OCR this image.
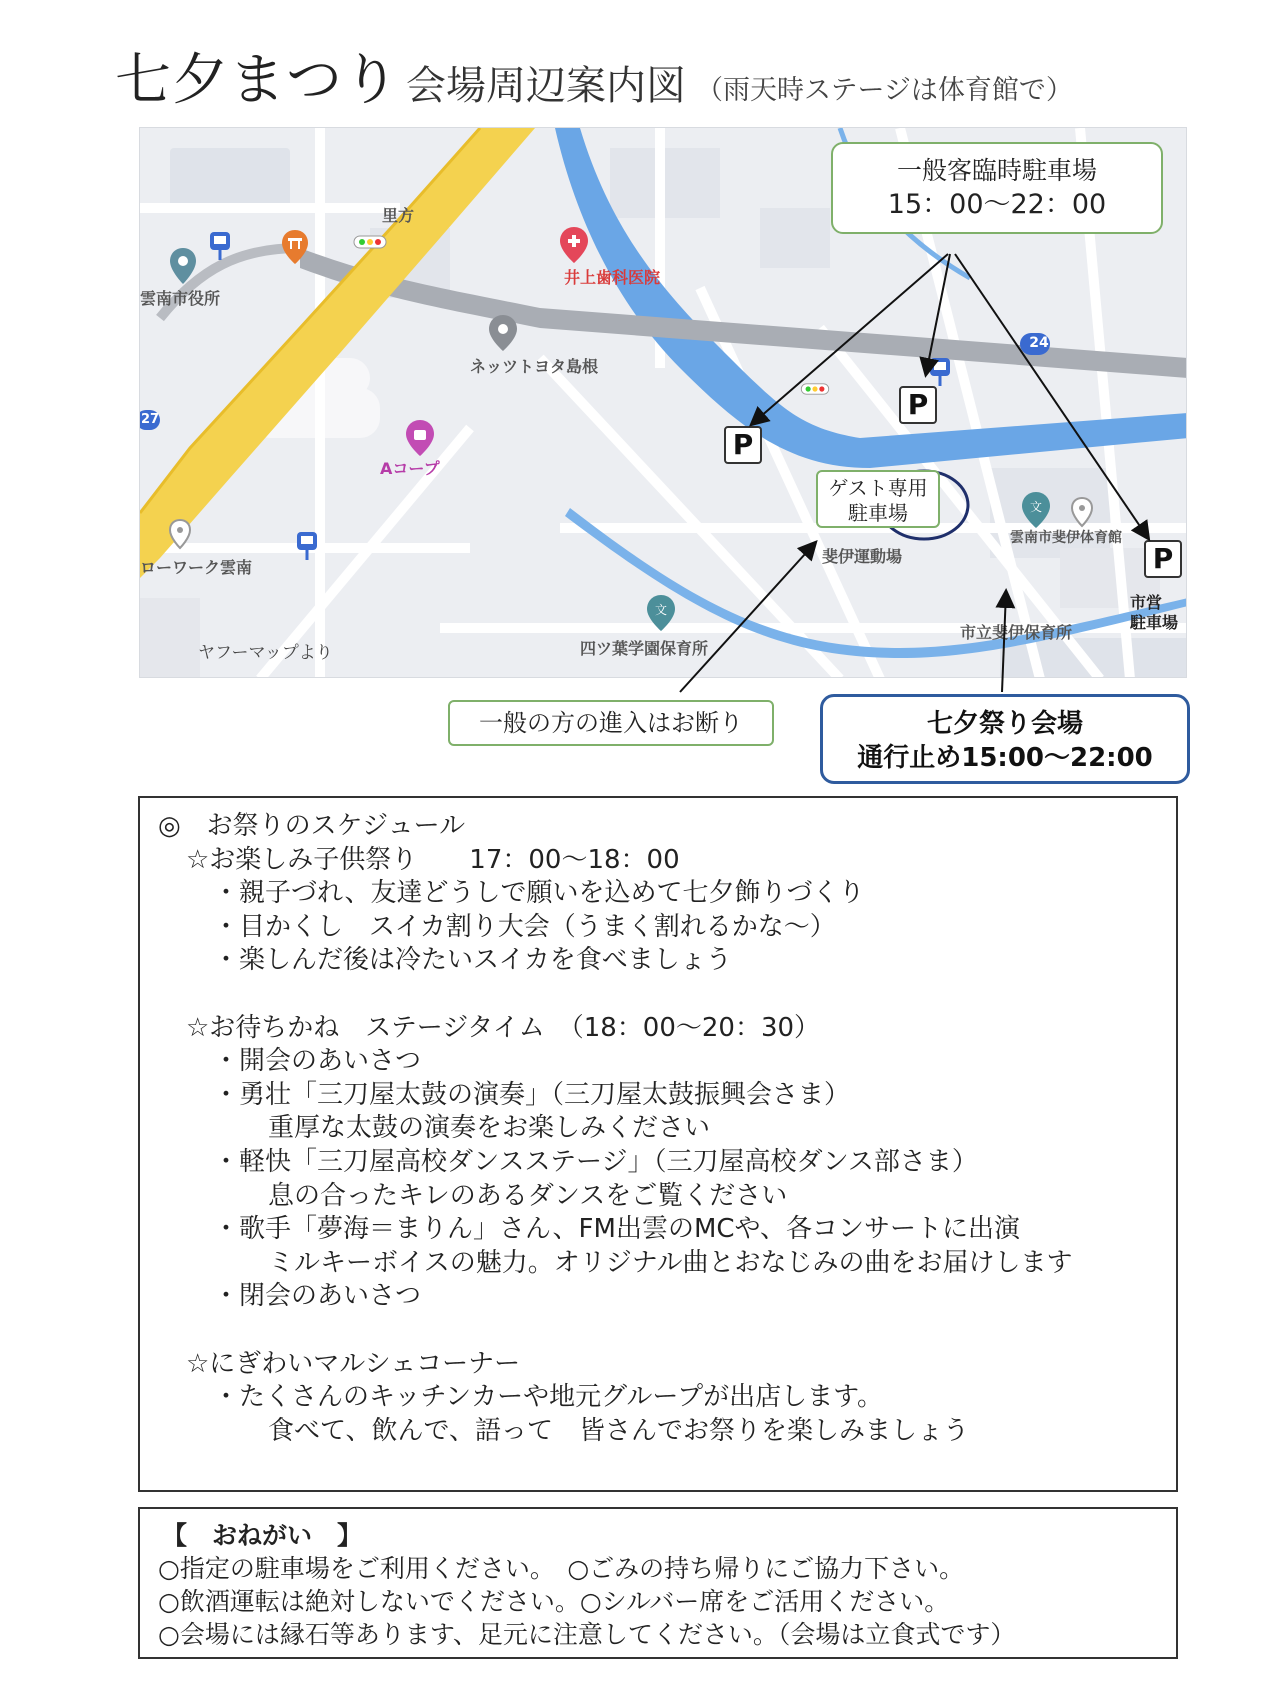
七夕まつり 会場周辺案内図 （雨天時ステージは体育館で）
文
文
24
27
雲南市役所
里方
井上歯科医院
ネッツトヨタ島根
Aコープ
ローワーク雲南
ヤフーマップより	四ツ葉学園保育所
斐伊運動場
雲南市斐伊体育館
市立斐伊保育所
市営
駐車場
P
P
P
一般客臨時駐車場
15：00～22：00
ゲスト専用
駐車場
一般の方の進入はお断り	七夕祭り会場
通行止め15:00～22:00
◎　お祭りのスケジュール
☆お楽しみ子供祭り　　17：00～18：00
・親子づれ、友達どうしで願いを込めて七夕飾りづくり
・目かくし　スイカ割り大会（うまく割れるかな～）
・楽しんだ後は冷たいスイカを食べましょう
☆お待ちかね　ステージタイム　（18：00～20：30）
・開会のあいさつ
・勇壮「三刀屋太鼓の演奏」（三刀屋太鼓振興会さま）
重厚な太鼓の演奏をお楽しみください
・軽快「三刀屋高校ダンスステージ」（三刀屋高校ダンス部さま）
息の合ったキレのあるダンスをご覧ください
・歌手「夢海＝まりん」さん、FM出雲のMCや、各コンサートに出演
ミルキーボイスの魅力。オリジナル曲とおなじみの曲をお届けします
・閉会のあいさつ
☆にぎわいマルシェコーナー
・たくさんのキッチンカーや地元グループが出店します。
食べて、飲んで、語って　皆さんでお祭りを楽しみましょう
【　おねがい　】
○指定の駐車場をご利用ください。　○ごみの持ち帰りにご協力下さい。
○飲酒運転は絶対しないでください。○シルバー席をご活用ください。
○会場には縁石等あります、足元に注意してください。（会場は立食式です）
